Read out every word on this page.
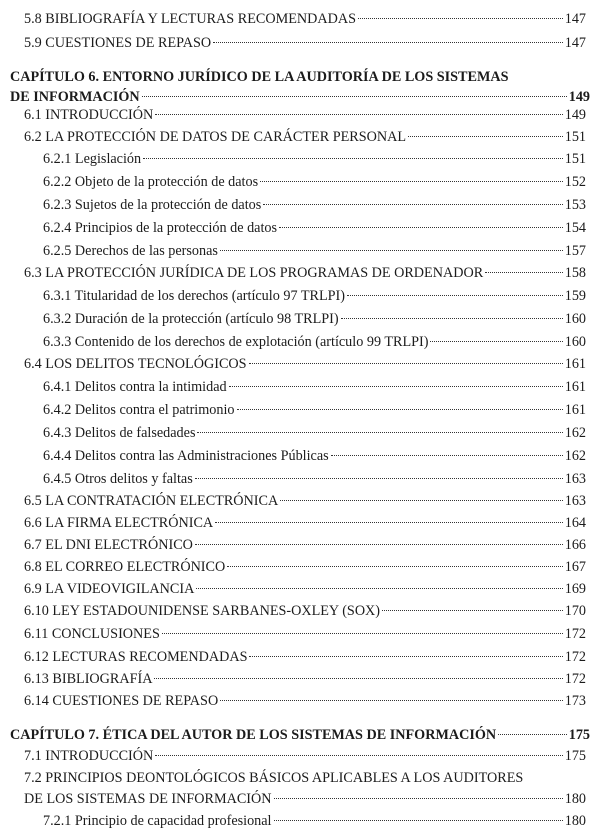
5.8 BIBLIOGRAFÍA Y LECTURAS RECOMENDADAS	147
5.9 CUESTIONES DE REPASO	147
CAPÍTULO 6. ENTORNO JURÍDICO DE LA AUDITORÍA DE LOS SISTEMAS
DE INFORMACIÓN	149
6.1 INTRODUCCIÓN	149
6.2 LA PROTECCIÓN DE DATOS DE CARÁCTER PERSONAL	151
6.2.1 Legislación	151
6.2.2 Objeto de la protección de datos	152
6.2.3 Sujetos de la protección de datos	153
6.2.4 Principios de la protección de datos	154
6.2.5 Derechos de las personas	157
6.3 LA PROTECCIÓN JURÍDICA DE LOS PROGRAMAS DE ORDENADOR	158
6.3.1 Titularidad de los derechos (artículo 97 TRLPI)	159
6.3.2 Duración de la protección (artículo 98 TRLPI)	160
6.3.3 Contenido de los derechos de explotación (artículo 99 TRLPI)	160
6.4 LOS DELITOS TECNOLÓGICOS	161
6.4.1 Delitos contra la intimidad	161
6.4.2 Delitos contra el patrimonio	161
6.4.3 Delitos de falsedades	162
6.4.4 Delitos contra las Administraciones Públicas	162
6.4.5 Otros delitos y faltas	163
6.5 LA CONTRATACIÓN ELECTRÓNICA	163
6.6 LA FIRMA ELECTRÓNICA	164
6.7 EL DNI ELECTRÓNICO	166
6.8 EL CORREO ELECTRÓNICO	167
6.9 LA VIDEOVIGILANCIA	169
6.10 LEY ESTADOUNIDENSE SARBANES-OXLEY (SOX)	170
6.11 CONCLUSIONES	172
6.12 LECTURAS RECOMENDADAS	172
6.13 BIBLIOGRAFÍA	172
6.14 CUESTIONES DE REPASO	173
CAPÍTULO 7. ÉTICA DEL AUTOR DE LOS SISTEMAS DE INFORMACIÓN	175
7.1 INTRODUCCIÓN	175
7.2 PRINCIPIOS DEONTOLÓGICOS BÁSICOS APLICABLES A LOS AUDITORES
DE LOS SISTEMAS DE INFORMACIÓN	180
7.2.1 Principio de capacidad profesional	180
